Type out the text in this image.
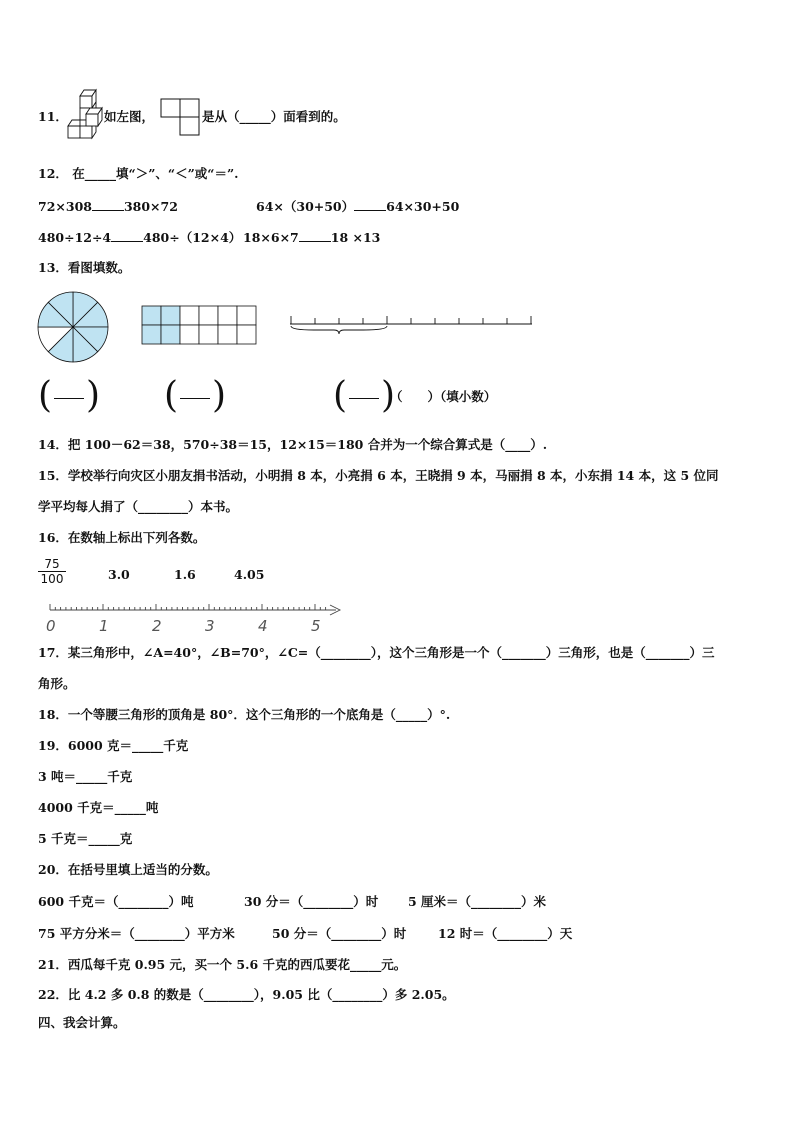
11．	如左图，	是从（_____）面看到的。
12． 在_____填“＞”、“＜”或“＝”.
72×308	380×72	64×（30+50）	64×30+50
480÷12÷4	480÷（12×4） 18×6×7	18 ×13
13．看图填数。
( ) ( )	( )
（　　）（填小数）
14．把 100－62＝38，570÷38＝15，12×15＝180 合并为一个综合算式是（____）.
15．学校举行向灾区小朋友捐书活动，小明捐 8 本，小亮捐 6 本，王晓捐 9 本，马丽捐 8 本，小东捐 14 本，这 5 位同
学平均每人捐了（________）本书。
16．在数轴上标出下列各数。
$\frac{75}{100}$	3.0	1.6	4.05
0	1	2	3	4	5
17．某三角形中，∠A=40°，∠B=70°，∠C=（________），这个三角形是一个（_______）三角形，也是（_______）三
角形。
18．一个等腰三角形的顶角是 80°．这个三角形的一个底角是（_____）°.
19．6000 克＝_____千克
3 吨＝_____千克
4000 千克＝_____吨
5 千克＝_____克
20．在括号里填上适当的分数。
600 千克＝（________）吨	30 分＝（________）时 5 厘米＝（________）米
75 平方分米＝（________）平方米	50 分＝（________）时	12 时＝（________）天
21．西瓜每千克 0.95 元，买一个 5.6 千克的西瓜要花_____元。
22．比 4.2 多 0.8 的数是（________），9.05 比（________）多 2.05。
四、我会计算。
